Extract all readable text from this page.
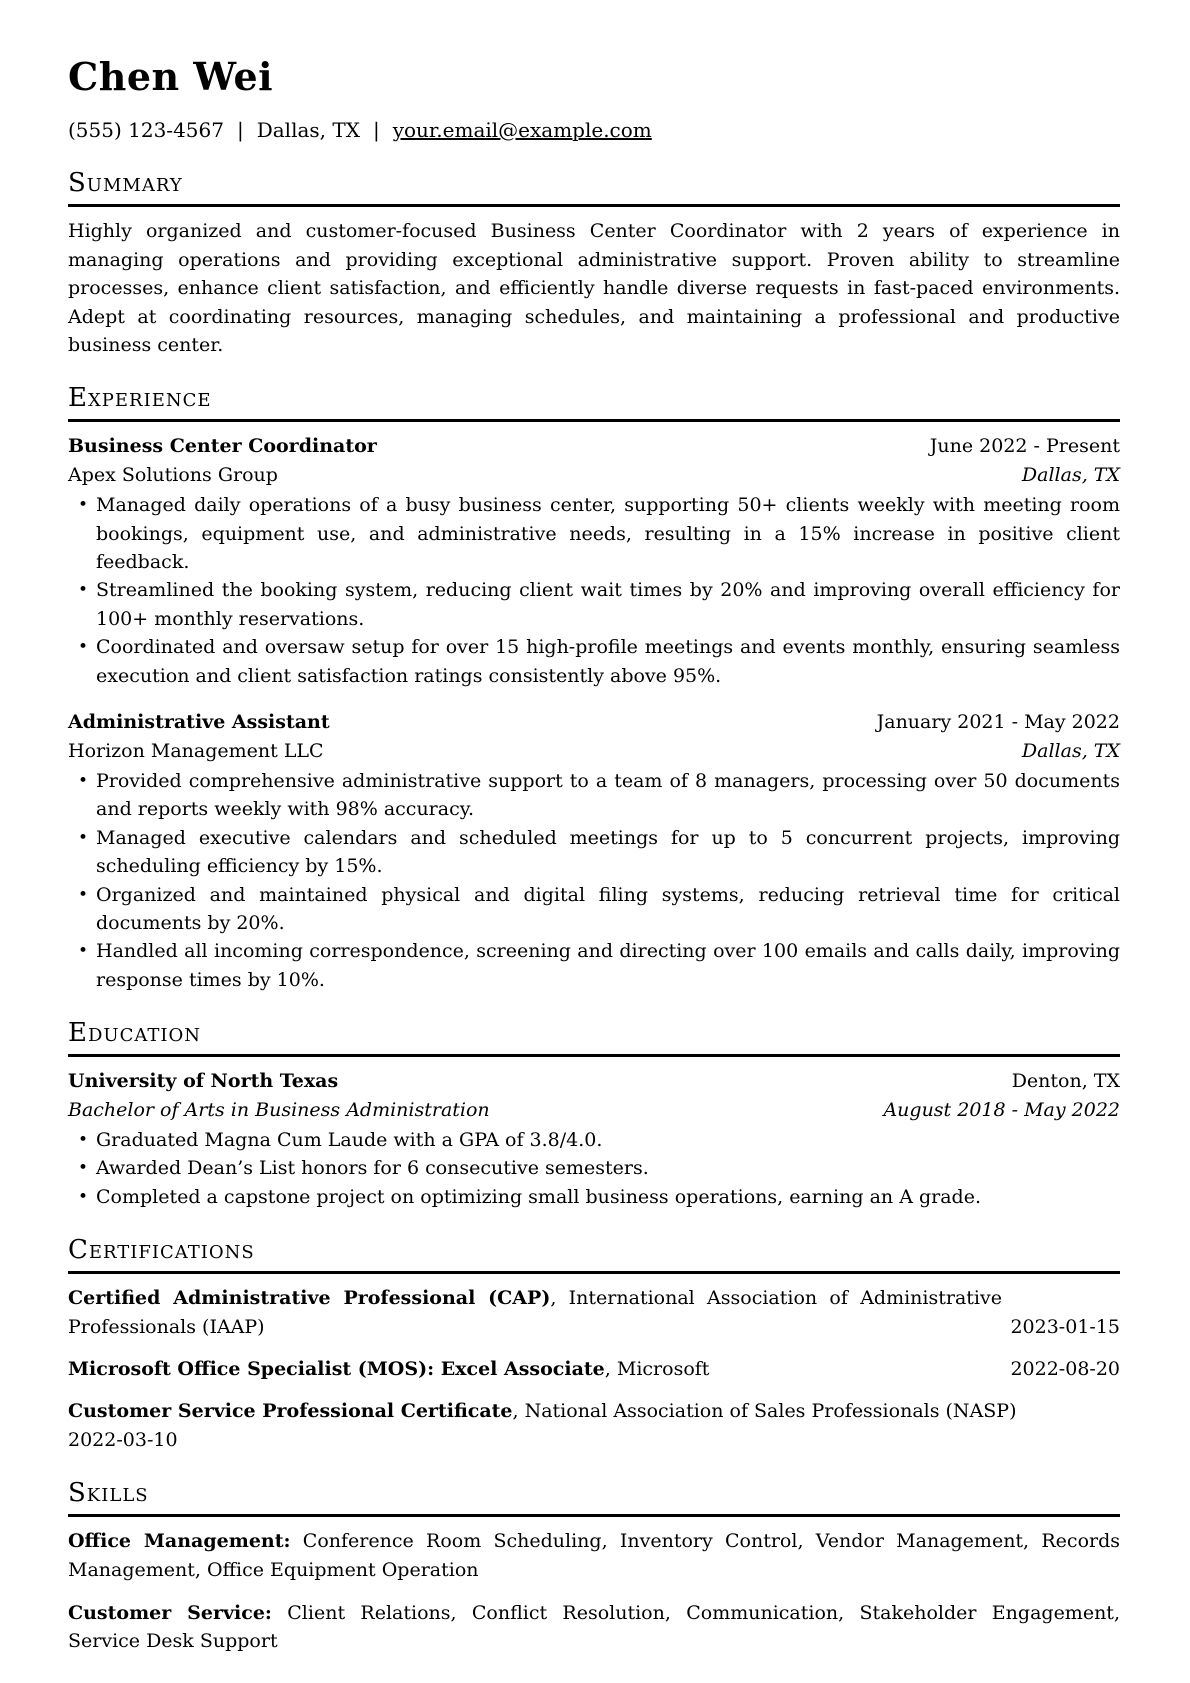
Chen Wei
(555) 123-4567 | Dallas, TX | your.email@example.com
Summary

Highly organized and customer-focused Business Center Coordinator with 2 years of experience in managing operations and providing exceptional administrative support. Proven ability to streamline processes, enhance client satisfaction, and efficiently handle diverse requests in fast-paced environments. Adept at coordinating resources, managing schedules, and maintaining a professional and productive business center.

Experience
Business Center Coordinator	June 2022 - Present
Apex Solutions Group	Dallas, TX
• Managed daily operations of a busy business center, supporting 50+ clients weekly with meeting room bookings, equipment use, and administrative needs, resulting in a 15% increase in positive client feedback.
• Streamlined the booking system, reducing client wait times by 20% and improving overall efficiency for 100+ monthly reservations.
• Coordinated and oversaw setup for over 15 high-profile meetings and events monthly, ensuring seamless execution and client satisfaction ratings consistently above 95%.
Administrative Assistant	January 2021 - May 2022
Horizon Management LLC	Dallas, TX
• Provided comprehensive administrative support to a team of 8 managers, processing over 50 documents and reports weekly with 98% accuracy.
• Managed executive calendars and scheduled meetings for up to 5 concurrent projects, improving scheduling efficiency by 15%.
• Organized and maintained physical and digital filing systems, reducing retrieval time for critical documents by 20%.
• Handled all incoming correspondence, screening and directing over 100 emails and calls daily, improving response times by 10%.
Education
University of North Texas	Denton, TX
Bachelor of Arts in Business Administration	August 2018 - May 2022
• Graduated Magna Cum Laude with a GPA of 3.8/4.0.
• Awarded Dean’s List honors for 6 consecutive semesters.
• Completed a capstone project on optimizing small business operations, earning an A grade.
Certifications

Certified Administrative Professional (CAP), International Association of Administrative Professionals (IAAP)	2023-01-15

Microsoft Office Specialist (MOS): Excel Associate, Microsoft	2022-08-20

Customer Service Professional Certificate, National Association of Sales Professionals (NASP)

2022-03-10

Skills

Office Management: Conference Room Scheduling, Inventory Control, Vendor Management, Records Management, Office Equipment Operation

Customer Service: Client Relations, Conflict Resolution, Communication, Stakeholder Engagement, Service Desk Support
